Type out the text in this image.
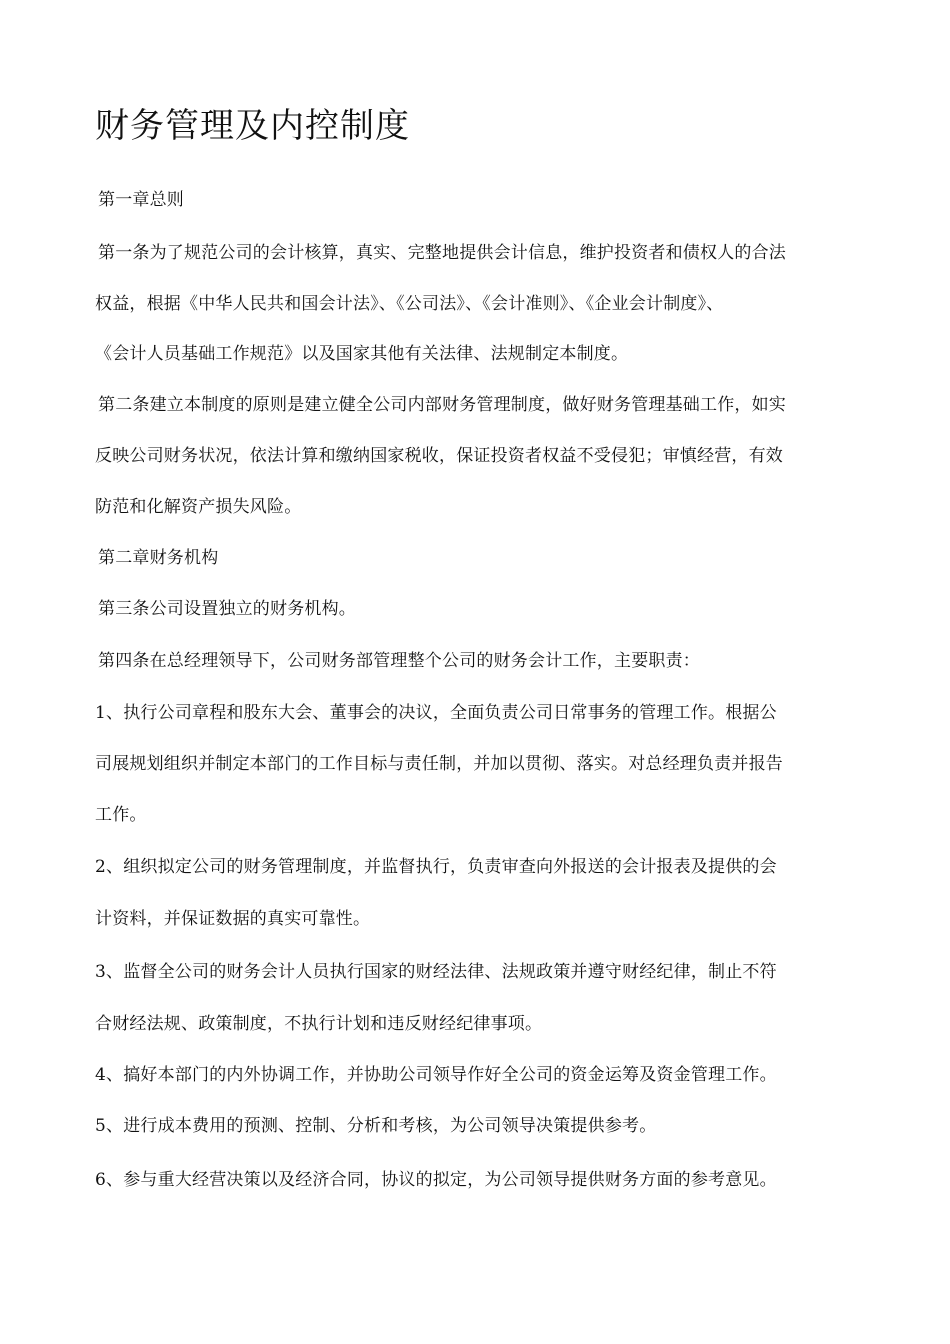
财务管理及内控制度
第一章总则
第一条为了规范公司的会计核算，真实、完整地提供会计信息，维护投资者和债权人的合法
权益，根据《中华人民共和国会计法》、《公司法》、《会计准则》、《企业会计制度》、
《会计人员基础工作规范》以及国家其他有关法律、法规制定本制度。
第二条建立本制度的原则是建立健全公司内部财务管理制度，做好财务管理基础工作，如实
反映公司财务状况，依法计算和缴纳国家税收，保证投资者权益不受侵犯；审慎经营，有效
防范和化解资产损失风险。
第二章财务机构
第三条公司设置独立的财务机构。
第四条在总经理领导下，公司财务部管理整个公司的财务会计工作，主要职责：
1、执行公司章程和股东大会、董事会的决议，全面负责公司日常事务的管理工作。根据公
司展规划组织并制定本部门的工作目标与责任制，并加以贯彻、落实。对总经理负责并报告
工作。
2、组织拟定公司的财务管理制度，并监督执行，负责审查向外报送的会计报表及提供的会
计资料，并保证数据的真实可靠性。
3、监督全公司的财务会计人员执行国家的财经法律、法规政策并遵守财经纪律，制止不符
合财经法规、政策制度，不执行计划和违反财经纪律事项。
4、搞好本部门的内外协调工作，并协助公司领导作好全公司的资金运筹及资金管理工作。
5、进行成本费用的预测、控制、分析和考核，为公司领导决策提供参考。
6、参与重大经营决策以及经济合同，协议的拟定，为公司领导提供财务方面的参考意见。
